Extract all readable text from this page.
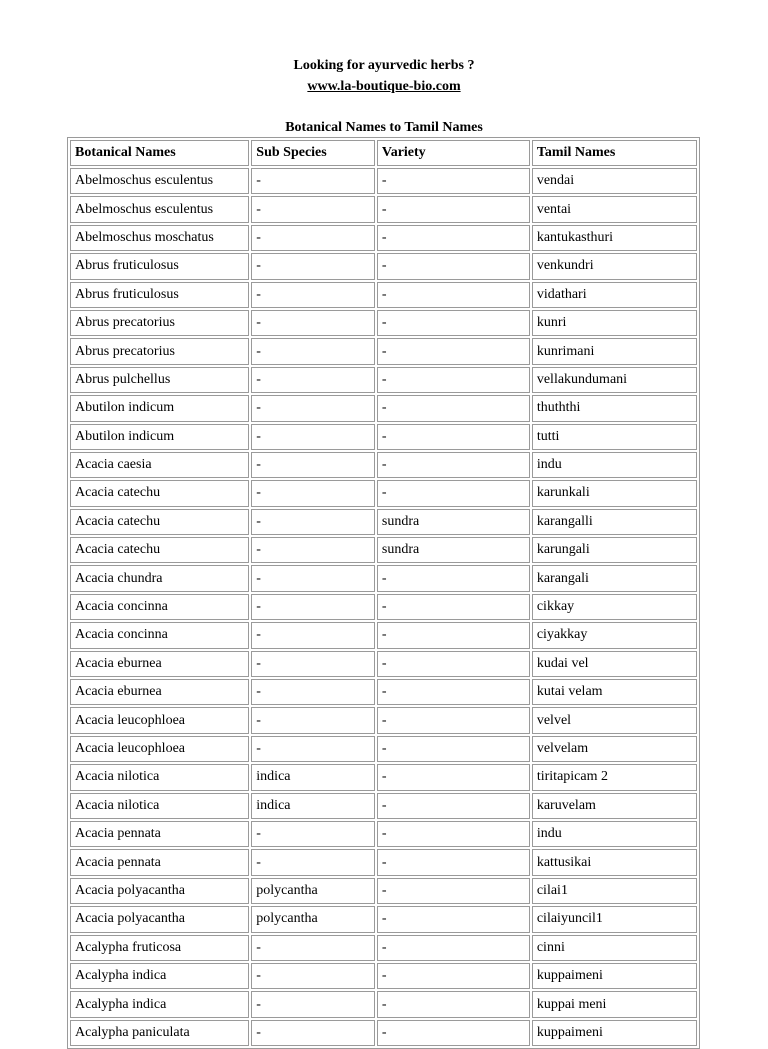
Looking for ayurvedic herbs ?
www.la-boutique-bio.com
Botanical Names to Tamil Names
Botanical Names	Sub Species	Variety	Tamil Names
Abelmoschus esculentus	-	-	vendai
Abelmoschus esculentus	-	-	ventai
Abelmoschus moschatus	-	-	kantukasthuri
Abrus fruticulosus	-	-	venkundri
Abrus fruticulosus	-	-	vidathari
Abrus precatorius	-	-	kunri
Abrus precatorius	-	-	kunrimani
Abrus pulchellus	-	-	vellakundumani
Abutilon indicum	-	-	thuththi
Abutilon indicum	-	-	tutti
Acacia caesia	-	-	indu
Acacia catechu	-	-	karunkali
Acacia catechu	-	sundra	karangalli
Acacia catechu	-	sundra	karungali
Acacia chundra	-	-	karangali
Acacia concinna	-	-	cikkay
Acacia concinna	-	-	ciyakkay
Acacia eburnea	-	-	kudai vel
Acacia eburnea	-	-	kutai velam
Acacia leucophloea	-	-	velvel
Acacia leucophloea	-	-	velvelam
Acacia nilotica	indica	-	tiritapicam 2
Acacia nilotica	indica	-	karuvelam
Acacia pennata	-	-	indu
Acacia pennata	-	-	kattusikai
Acacia polyacantha	polycantha	-	cilai1
Acacia polyacantha	polycantha	-	cilaiyuncil1
Acalypha fruticosa	-	-	cinni
Acalypha indica	-	-	kuppaimeni
Acalypha indica	-	-	kuppai meni
Acalypha paniculata	-	-	kuppaimeni
